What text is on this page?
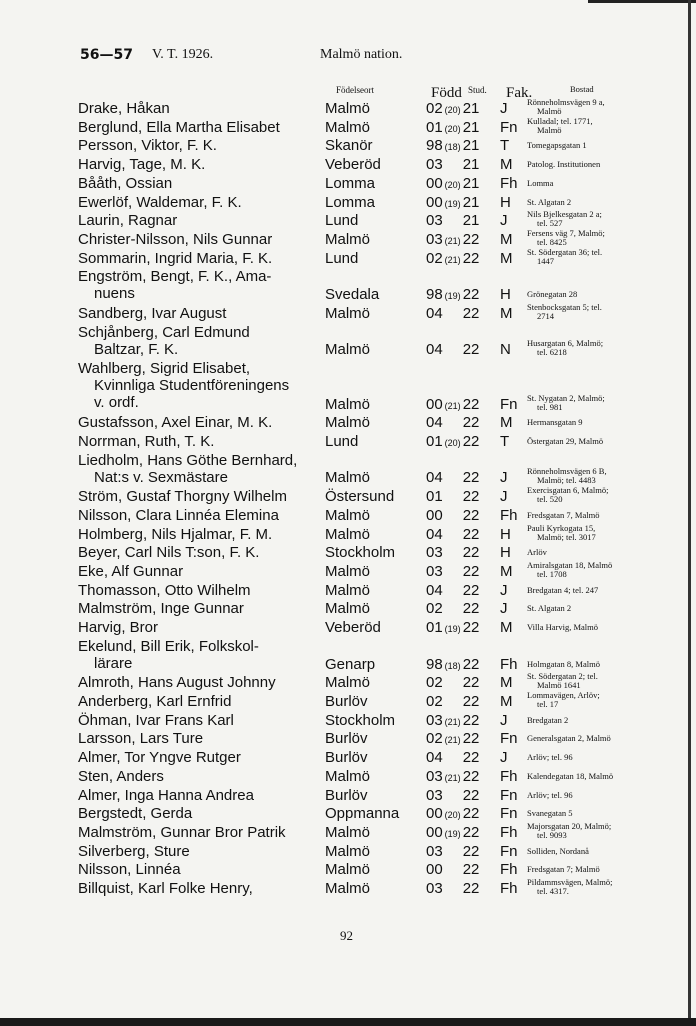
56—57 V. T. 1926.	Malmö nation.
Födelseort	Född Stud. Fak.	Bostad
Drake, Håkan	Malmö	02 (20) 21 J	Rönneholmsvägen 9 a,
Malmö
Berglund, Ella Martha Elisabet	Malmö	01 (20) 21 Fn	Kulladal; tel. 1771,
Malmö
Persson, Viktor, F. K.	Skanör	98 (18) 21 T	Tomegapsgatan 1
Harvig, Tage, M. K.	Veberöd	03 21 M	Patolog. Institutionen
Bååth, Ossian	Lomma	00 (20) 21 Fh	Lomma
Ewerlöf, Waldemar, F. K.	Lomma	00 (19) 21 H	St. Algatan 2
Laurin, Ragnar	Lund	03 21 J	Nils Bjelkesgatan 2 a;
tel. 527
Christer-Nilsson, Nils Gunnar	Malmö	03 (21) 22 M	Fersens väg 7, Malmö;
tel. 8425
Sommarin, Ingrid Maria, F. K.	Lund	02 (21) 22 M	St. Södergatan 36; tel.
1447
Engström, Bengt, F. K., Ama-
nuens	Svedala	98 (19) 22 H	Grönegatan 28
Sandberg, Ivar August	Malmö	04 22 M	Stenbocksgatan 5; tel.
2714
Schjånberg, Carl Edmund
Baltzar, F. K.	Malmö	04 22 N	Husargatan 6, Malmö;
tel. 6218
Wahlberg, Sigrid Elisabet,
Kvinnliga Studentföreningens
v. ordf.	Malmö	00 (21) 22 Fn	St. Nygatan 2, Malmö;
tel. 981
Gustafsson, Axel Einar, M. K.	Malmö	04 22 M	Hermansgatan 9
Norrman, Ruth, T. K.	Lund	01 (20) 22 T	Östergatan 29, Malmö
Liedholm, Hans Göthe Bernhard,
Nat:s v. Sexmästare	Malmö	04 22 J	Rönneholmsvägen 6 B,
Malmö; tel. 4483
Ström, Gustaf Thorgny Wilhelm	Östersund 01 22 J	Exercisgatan 6, Malmö;
tel. 520
Nilsson, Clara Linnéa Elemina	Malmö	00 22 Fh	Fredsgatan 7, Malmö
Holmberg, Nils Hjalmar, F. M.	Malmö	04 22 H	Pauli Kyrkogata 15,
Malmö; tel. 3017
Beyer, Carl Nils T:son, F. K.	Stockholm 03 22 H	Arlöv
Eke, Alf Gunnar	Malmö	03 22 M	Amiralsgatan 18, Malmö
tel. 1708
Thomasson, Otto Wilhelm	Malmö	04 22 J	Bredgatan 4; tel. 247
Malmström, Inge Gunnar	Malmö	02 22 J	St. Algatan 2
Harvig, Bror	Veberöd	01 (19) 22 M	Villa Harvig, Malmö
Ekelund, Bill Erik, Folkskol-
lärare	Genarp	98 (18) 22 Fh	Holmgatan 8, Malmö
Almroth, Hans August Johnny	Malmö	02 22 M	St. Södergatan 2; tel.
Malmö 1641
Anderberg, Karl Ernfrid	Burlöv	02 22 M	Lommavägen, Arlöv;
tel. 17
Öhman, Ivar Frans Karl	Stockholm 03 (21) 22 J	Bredgatan 2
Larsson, Lars Ture	Burlöv	02 (21) 22 Fn	Generalsgatan 2, Malmö
Almer, Tor Yngve Rutger	Burlöv	04 22 J	Arlöv; tel. 96
Sten, Anders	Malmö	03 (21) 22 Fh	Kalendegatan 18, Malmö
Almer, Inga Hanna Andrea	Burlöv	03 22 Fn	Arlöv; tel. 96
Bergstedt, Gerda	Oppmanna 00 (20) 22 Fn	Svanegatan 5
Malmström, Gunnar Bror Patrik	Malmö	00 (19) 22 Fh	Majorsgatan 20, Malmö;
tel. 9093
Silverberg, Sture	Malmö	03 22 Fn	Solliden, Nordanå
Nilsson, Linnéa	Malmö	00 22 Fh	Fredsgatan 7; Malmö
Billquist, Karl Folke Henry,	Malmö	03 22 Fh	Pildammsvägen, Malmö;
tel. 4317.
92
